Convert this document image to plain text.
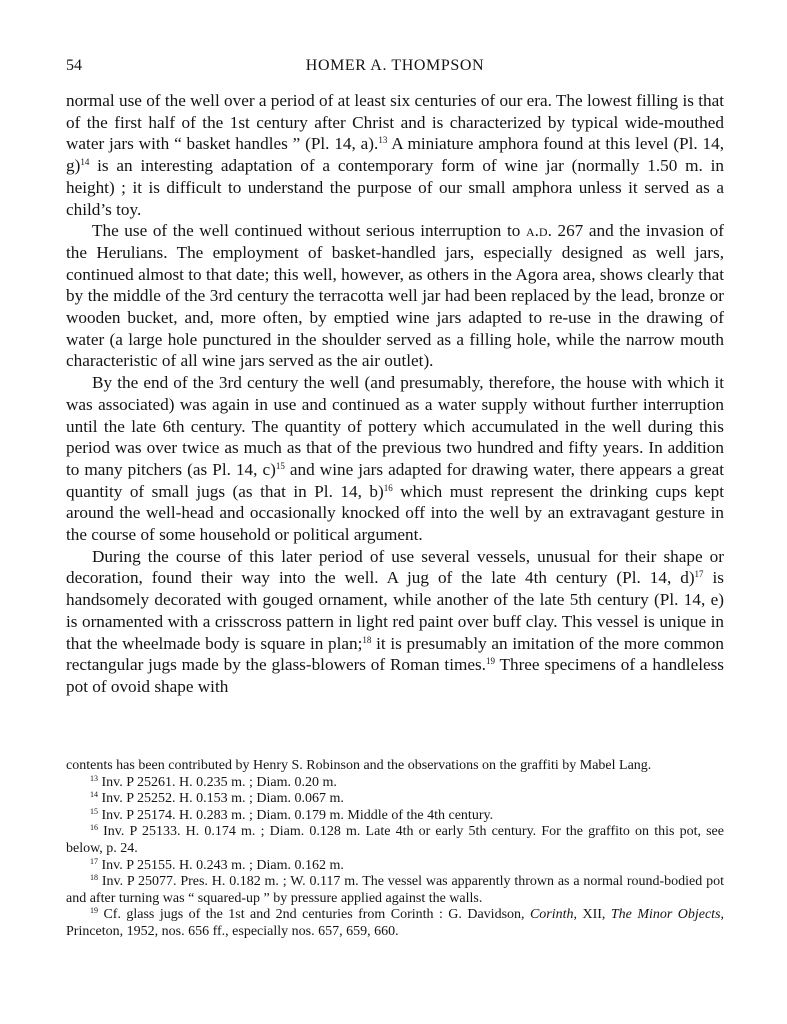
54	HOMER A. THOMPSON

normal use of the well over a period of at least six centuries of our era. The lowest filling is that of the first half of the 1st century after Christ and is characterized by typical wide-mouthed water jars with “ basket handles ” (Pl. 14, a).$^{13}$ A miniature amphora found at this level (Pl. 14, g)$^{14}$ is an interesting adaptation of a contemporary form of wine jar (normally 1.50 m. in height) ; it is difficult to understand the purpose of our small amphora unless it served as a child’s toy.

The use of the well continued without serious interruption to a.d. 267 and the invasion of the Herulians. The employment of basket-handled jars, especially designed as well jars, continued almost to that date; this well, however, as others in the Agora area, shows clearly that by the middle of the 3rd century the terracotta well jar had been replaced by the lead, bronze or wooden bucket, and, more often, by emptied wine jars adapted to re-use in the drawing of water (a large hole punctured in the shoulder served as a filling hole, while the narrow mouth characteristic of all wine jars served as the air outlet).

By the end of the 3rd century the well (and presumably, therefore, the house with which it was associated) was again in use and continued as a water supply without further interruption until the late 6th century. The quantity of pottery which accumulated in the well during this period was over twice as much as that of the previous two hundred and fifty years. In addition to many pitchers (as Pl. 14, c)$^{15}$ and wine jars adapted for drawing water, there appears a great quantity of small jugs (as that in Pl. 14, b)$^{16}$ which must represent the drinking cups kept around the well-head and occasionally knocked off into the well by an extravagant gesture in the course of some household or political argument.

During the course of this later period of use several vessels, unusual for their shape or decoration, found their way into the well. A jug of the late 4th century (Pl. 14, d)$^{17}$ is handsomely decorated with gouged ornament, while another of the late 5th century (Pl. 14, e) is ornamented with a crisscross pattern in light red paint over buff clay. This vessel is unique in that the wheelmade body is square in plan;$^{18}$ it is presumably an imitation of the more common rectangular jugs made by the glass-blowers of Roman times.$^{19}$ Three specimens of a handleless pot of ovoid shape with

contents has been contributed by Henry S. Robinson and the observations on the graffiti by Mabel Lang.

$^{13}$ Inv. P 25261. H. 0.235 m. ; Diam. 0.20 m.

$^{14}$ Inv. P 25252. H. 0.153 m. ; Diam. 0.067 m.

$^{15}$ Inv. P 25174. H. 0.283 m. ; Diam. 0.179 m. Middle of the 4th century.

$^{16}$ Inv. P 25133. H. 0.174 m. ; Diam. 0.128 m. Late 4th or early 5th century. For the graffito on this pot, see below, p. 24.

$^{17}$ Inv. P 25155. H. 0.243 m. ; Diam. 0.162 m.

$^{18}$ Inv. P 25077. Pres. H. 0.182 m. ; W. 0.117 m. The vessel was apparently thrown as a normal round-bodied pot and after turning was “ squared-up ” by pressure applied against the walls.

$^{19}$ Cf. glass jugs of the 1st and 2nd centuries from Corinth : G. Davidson, Corinth, XII, The Minor Objects, Princeton, 1952, nos. 656 ff., especially nos. 657, 659, 660.
